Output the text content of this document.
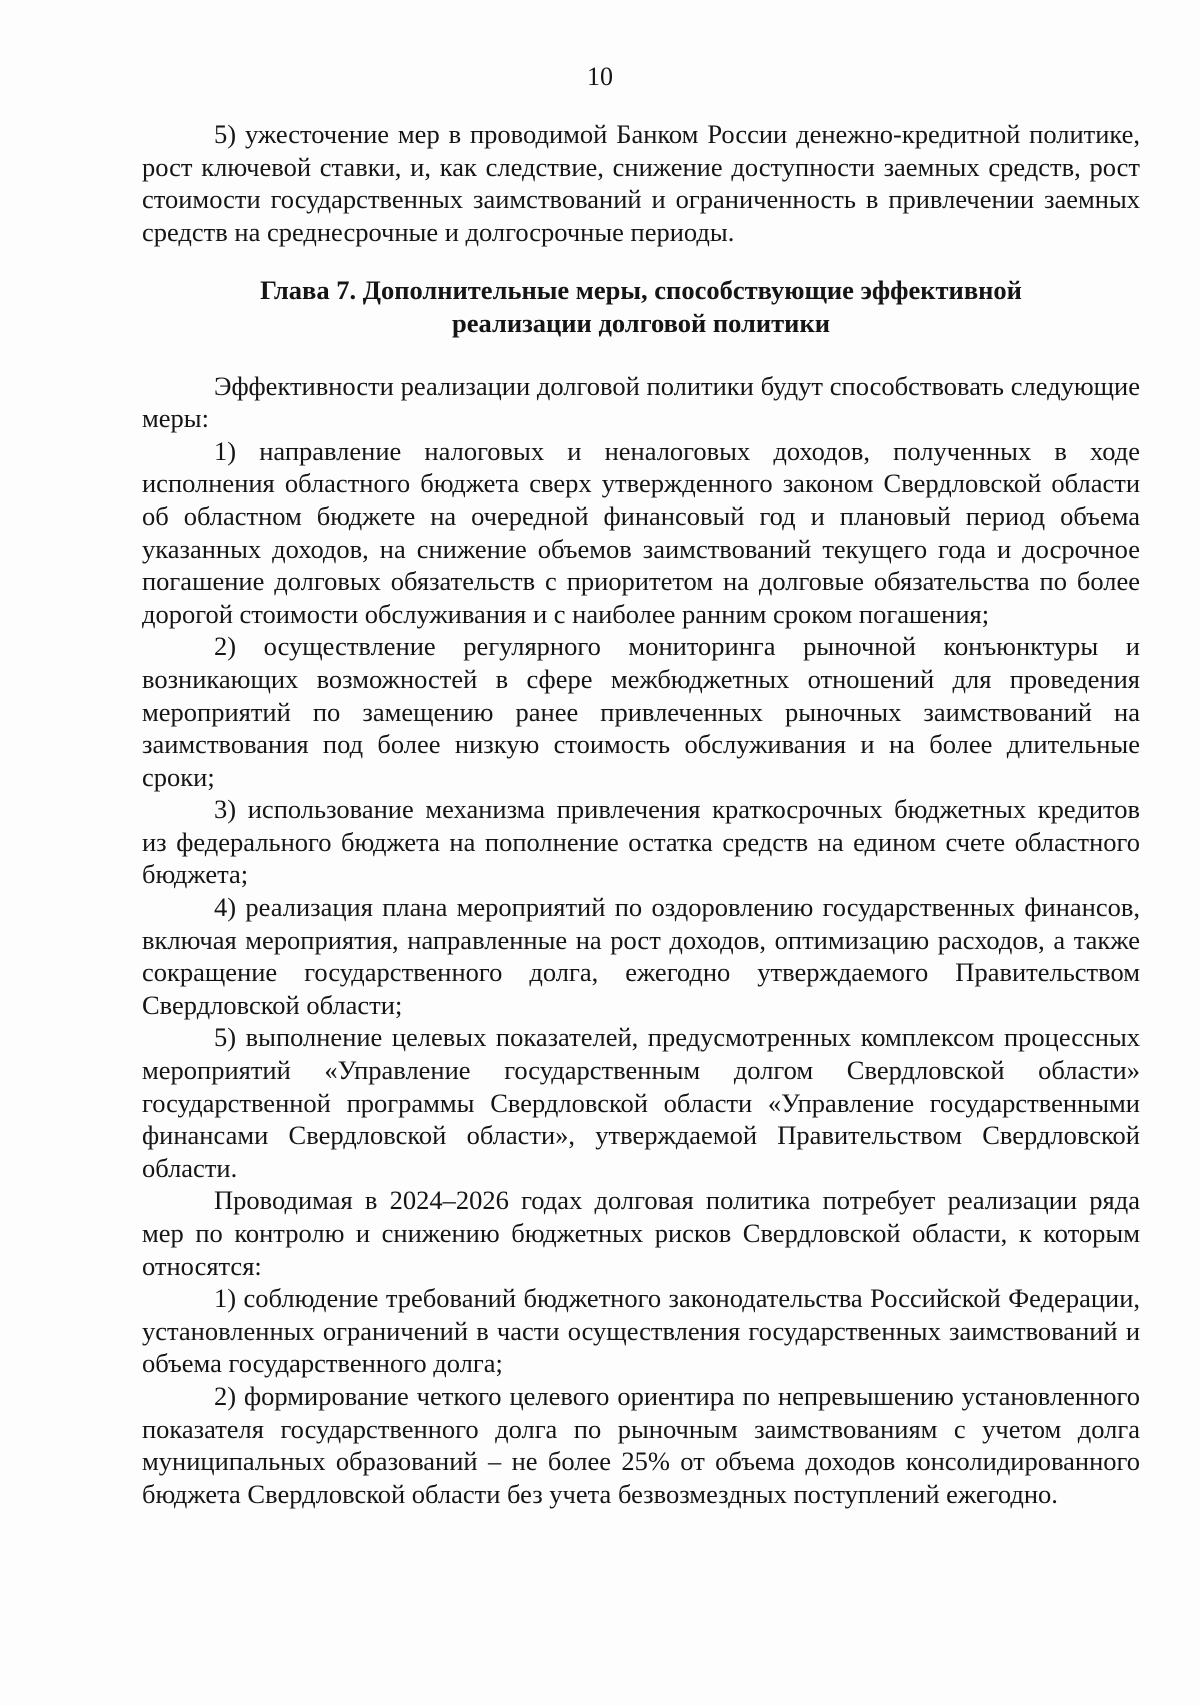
10

5) ужесточение мер в проводимой Банком России денежно-кредитной политике, рост ключевой ставки, и, как следствие, снижение доступности заемных средств, рост стоимости государственных заимствований и ограниченность в привлечении заемных средств на среднесрочные и долгосрочные периоды.

Глава 7. Дополнительные меры, способствующие эффективной
реализации долговой политики

Эффективности реализации долговой политики будут способствовать следующие меры:

1) направление налоговых и неналоговых доходов, полученных в ходе исполнения областного бюджета сверх утвержденного законом Свердловской области об областном бюджете на очередной финансовый год и плановый период объема указанных доходов, на снижение объемов заимствований текущего года и досрочное погашение долговых обязательств с приоритетом на долговые обязательства по более дорогой стоимости обслуживания и с наиболее ранним сроком погашения;

2) осуществление регулярного мониторинга рыночной конъюнктуры и возникающих возможностей в сфере межбюджетных отношений для проведения мероприятий по замещению ранее привлеченных рыночных заимствований на заимствования под более низкую стоимость обслуживания и на более длительные сроки;

3) использование механизма привлечения краткосрочных бюджетных кредитов из федерального бюджета на пополнение остатка средств на едином счете областного бюджета;

4) реализация плана мероприятий по оздоровлению государственных финансов, включая мероприятия, направленные на рост доходов, оптимизацию расходов, а также сокращение государственного долга, ежегодно утверждаемого Правительством Свердловской области;

5) выполнение целевых показателей, предусмотренных комплексом процессных мероприятий «Управление государственным долгом Свердловской области» государственной программы Свердловской области «Управление государственными финансами Свердловской области», утверждаемой Правительством Свердловской области.

Проводимая в 2024–2026 годах долговая политика потребует реализации ряда мер по контролю и снижению бюджетных рисков Свердловской области, к которым относятся:

1) соблюдение требований бюджетного законодательства Российской Федерации, установленных ограничений в части осуществления государственных заимствований и объема государственного долга;

2) формирование четкого целевого ориентира по непревышению установленного показателя государственного долга по рыночным заимствованиям с учетом долга муниципальных образований – не более 25% от объема доходов консолидированного бюджета Свердловской области без учета безвозмездных поступлений ежегодно.
